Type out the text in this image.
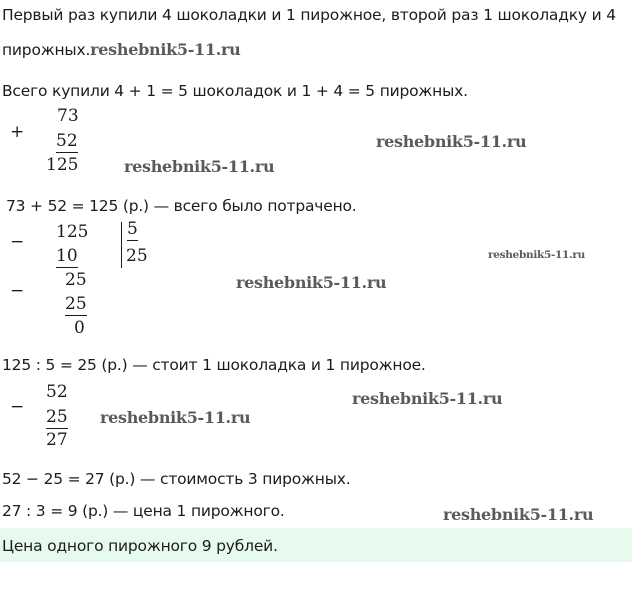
Первый раз купили 4 шоколадки и 1 пирожное, второй раз 1 шоколадку и 4
пирожных.reshebnik5-11.ru
Всего купили 4 + 1 = 5 шоколадок и 1 + 4 = 5 пирожных.
+
73
52
125	reshebnik5-11.ru
reshebnik5-11.ru
73 + 52 = 125 (р.) — всего было потрачено.
− 125
10
5
25
−
25
25
0
reshebnik5-11.ru
reshebnik5-11.ru
125 : 5 = 25 (р.) — стоит 1 шоколадка и 1 пирожное.
−
52
25
27
reshebnik5-11.ru
reshebnik5-11.ru
52 − 25 = 27 (р.) — стоимость 3 пирожных.
27 : 3 = 9 (р.) — цена 1 пирожного.	reshebnik5-11.ru
Цена одного пирожного 9 рублей.
